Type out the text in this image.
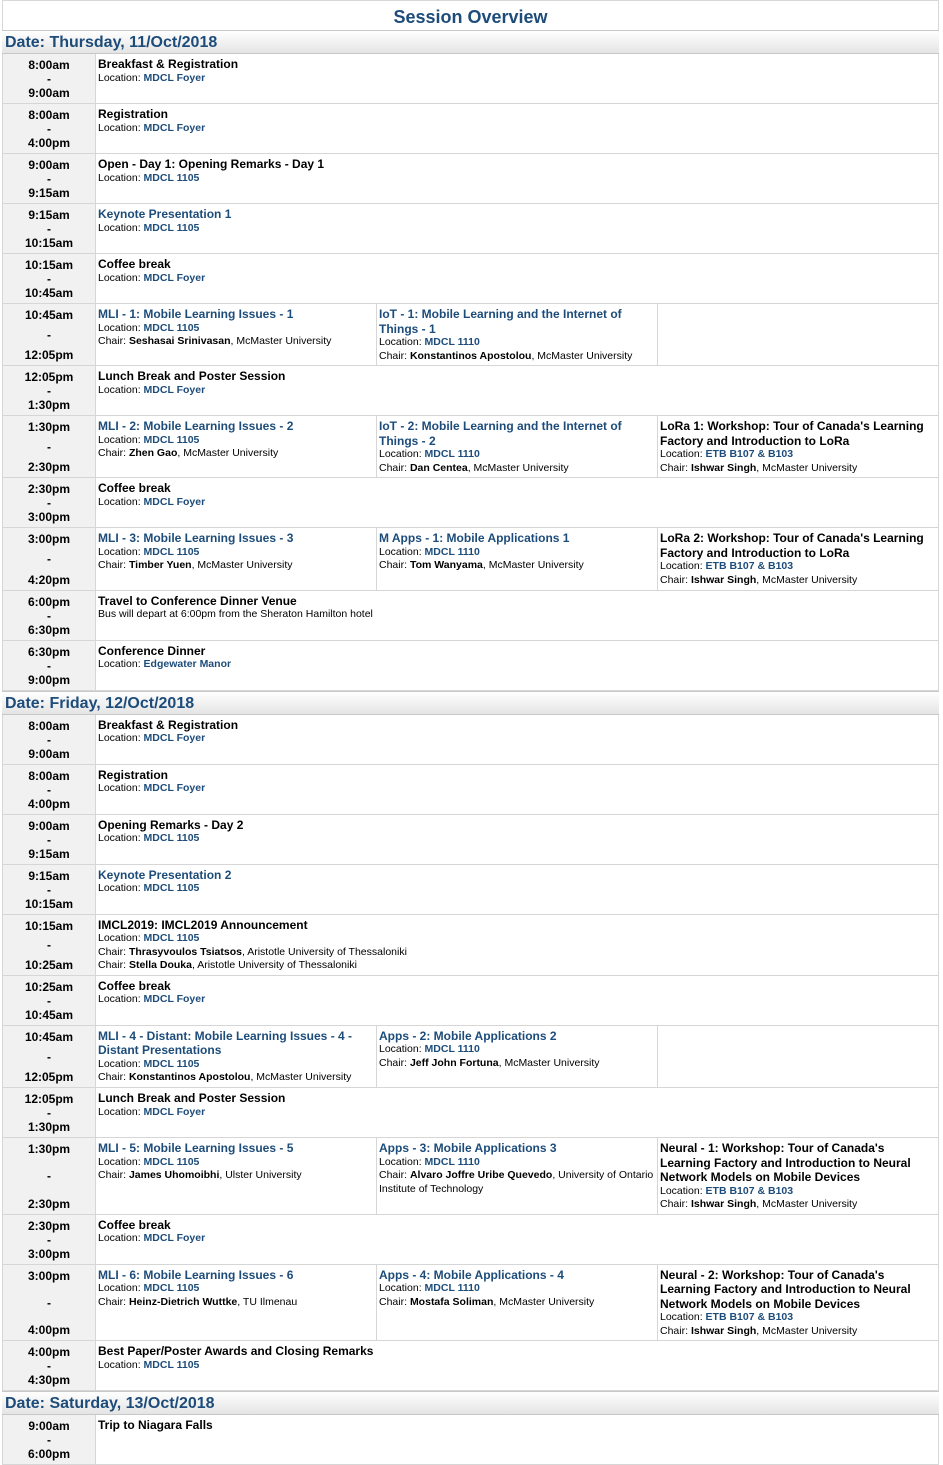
Session Overview
Date: Thursday, 11/Oct/2018
8:00am
-
9:00am
Breakfast & Registration
Location: MDCL Foyer
8:00am
-
4:00pm
Registration
Location: MDCL Foyer
9:00am
-
9:15am
Open - Day 1: Opening Remarks - Day 1
Location: MDCL 1105
9:15am
-
10:15am
Keynote Presentation 1
Location: MDCL 1105
10:15am
-
10:45am
Coffee break
Location: MDCL Foyer
10:45am
-
12:05pm
MLI - 1: Mobile Learning Issues - 1
Location: MDCL 1105
Chair: Seshasai Srinivasan, McMaster University
IoT - 1: Mobile Learning and the Internet of Things - 1
Location: MDCL 1110
Chair: Konstantinos Apostolou, McMaster University
12:05pm
-
1:30pm
Lunch Break and Poster Session
Location: MDCL Foyer
1:30pm
-
2:30pm
MLI - 2: Mobile Learning Issues - 2
Location: MDCL 1105
Chair: Zhen Gao, McMaster University
IoT - 2: Mobile Learning and the Internet of Things - 2
Location: MDCL 1110
Chair: Dan Centea, McMaster University
LoRa 1: Workshop: Tour of Canada's Learning Factory and Introduction to LoRa
Location: ETB B107 & B103
Chair: Ishwar Singh, McMaster University
2:30pm
-
3:00pm
Coffee break
Location: MDCL Foyer
3:00pm
-
4:20pm
MLI - 3: Mobile Learning Issues - 3
Location: MDCL 1105
Chair: Timber Yuen, McMaster University
M Apps - 1: Mobile Applications 1
Location: MDCL 1110
Chair: Tom Wanyama, McMaster University
LoRa 2: Workshop: Tour of Canada's Learning Factory and Introduction to LoRa
Location: ETB B107 & B103
Chair: Ishwar Singh, McMaster University
6:00pm
-
6:30pm
Travel to Conference Dinner Venue
Bus will depart at 6:00pm from the Sheraton Hamilton hotel
6:30pm
-
9:00pm
Conference Dinner
Location: Edgewater Manor
Date: Friday, 12/Oct/2018
8:00am
-
9:00am
Breakfast & Registration
Location: MDCL Foyer
8:00am
-
4:00pm
Registration
Location: MDCL Foyer
9:00am
-
9:15am
Opening Remarks - Day 2
Location: MDCL 1105
9:15am
-
10:15am
Keynote Presentation 2
Location: MDCL 1105
10:15am
-
10:25am
IMCL2019: IMCL2019 Announcement
Location: MDCL 1105
Chair: Thrasyvoulos Tsiatsos, Aristotle University of Thessaloniki
Chair: Stella Douka, Aristotle University of Thessaloniki
10:25am
-
10:45am
Coffee break
Location: MDCL Foyer
10:45am
-
12:05pm
MLI - 4 - Distant: Mobile Learning Issues - 4 - Distant Presentations
Location: MDCL 1105
Chair: Konstantinos Apostolou, McMaster University
Apps - 2: Mobile Applications 2
Location: MDCL 1110
Chair: Jeff John Fortuna, McMaster University
12:05pm
-
1:30pm
Lunch Break and Poster Session
Location: MDCL Foyer
1:30pm
-
2:30pm
MLI - 5: Mobile Learning Issues - 5
Location: MDCL 1105
Chair: James Uhomoibhi, Ulster University
Apps - 3: Mobile Applications 3
Location: MDCL 1110
Chair: Alvaro Joffre Uribe Quevedo, University of Ontario Institute of Technology
Neural - 1: Workshop: Tour of Canada's Learning Factory and Introduction to Neural Network Models on Mobile Devices
Location: ETB B107 & B103
Chair: Ishwar Singh, McMaster University
2:30pm
-
3:00pm
Coffee break
Location: MDCL Foyer
3:00pm
-
4:00pm
MLI - 6: Mobile Learning Issues - 6
Location: MDCL 1105
Chair: Heinz-Dietrich Wuttke, TU Ilmenau
Apps - 4: Mobile Applications - 4
Location: MDCL 1110
Chair: Mostafa Soliman, McMaster University
Neural - 2: Workshop: Tour of Canada's Learning Factory and Introduction to Neural Network Models on Mobile Devices
Location: ETB B107 & B103
Chair: Ishwar Singh, McMaster University
4:00pm
-
4:30pm
Best Paper/Poster Awards and Closing Remarks
Location: MDCL 1105
Date: Saturday, 13/Oct/2018
9:00am
-
6:00pm
Trip to Niagara Falls
